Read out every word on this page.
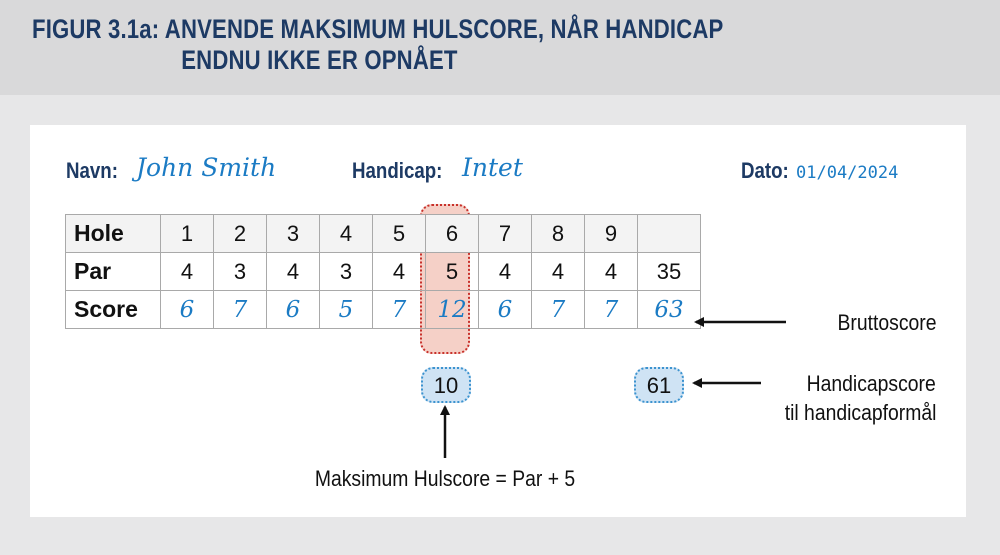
FIGUR 3.1a: ANVENDE MAKSIMUM HULSCORE, NÅR HANDICAP
ENDNU IKKE ER OPNÅET
Navn: John Smith	Handicap: Intet	Dato: 01/04/2024
Hole	1	2	3	4	5	6	7	8	9	
Par	4	3	4	3	4	5	4	4	4	35
Score	6	7	6	5	7	12	6	7	7	63
10	61
Bruttoscore
Handicapscore
til handicapformål
Maksimum Hulscore = Par + 5
